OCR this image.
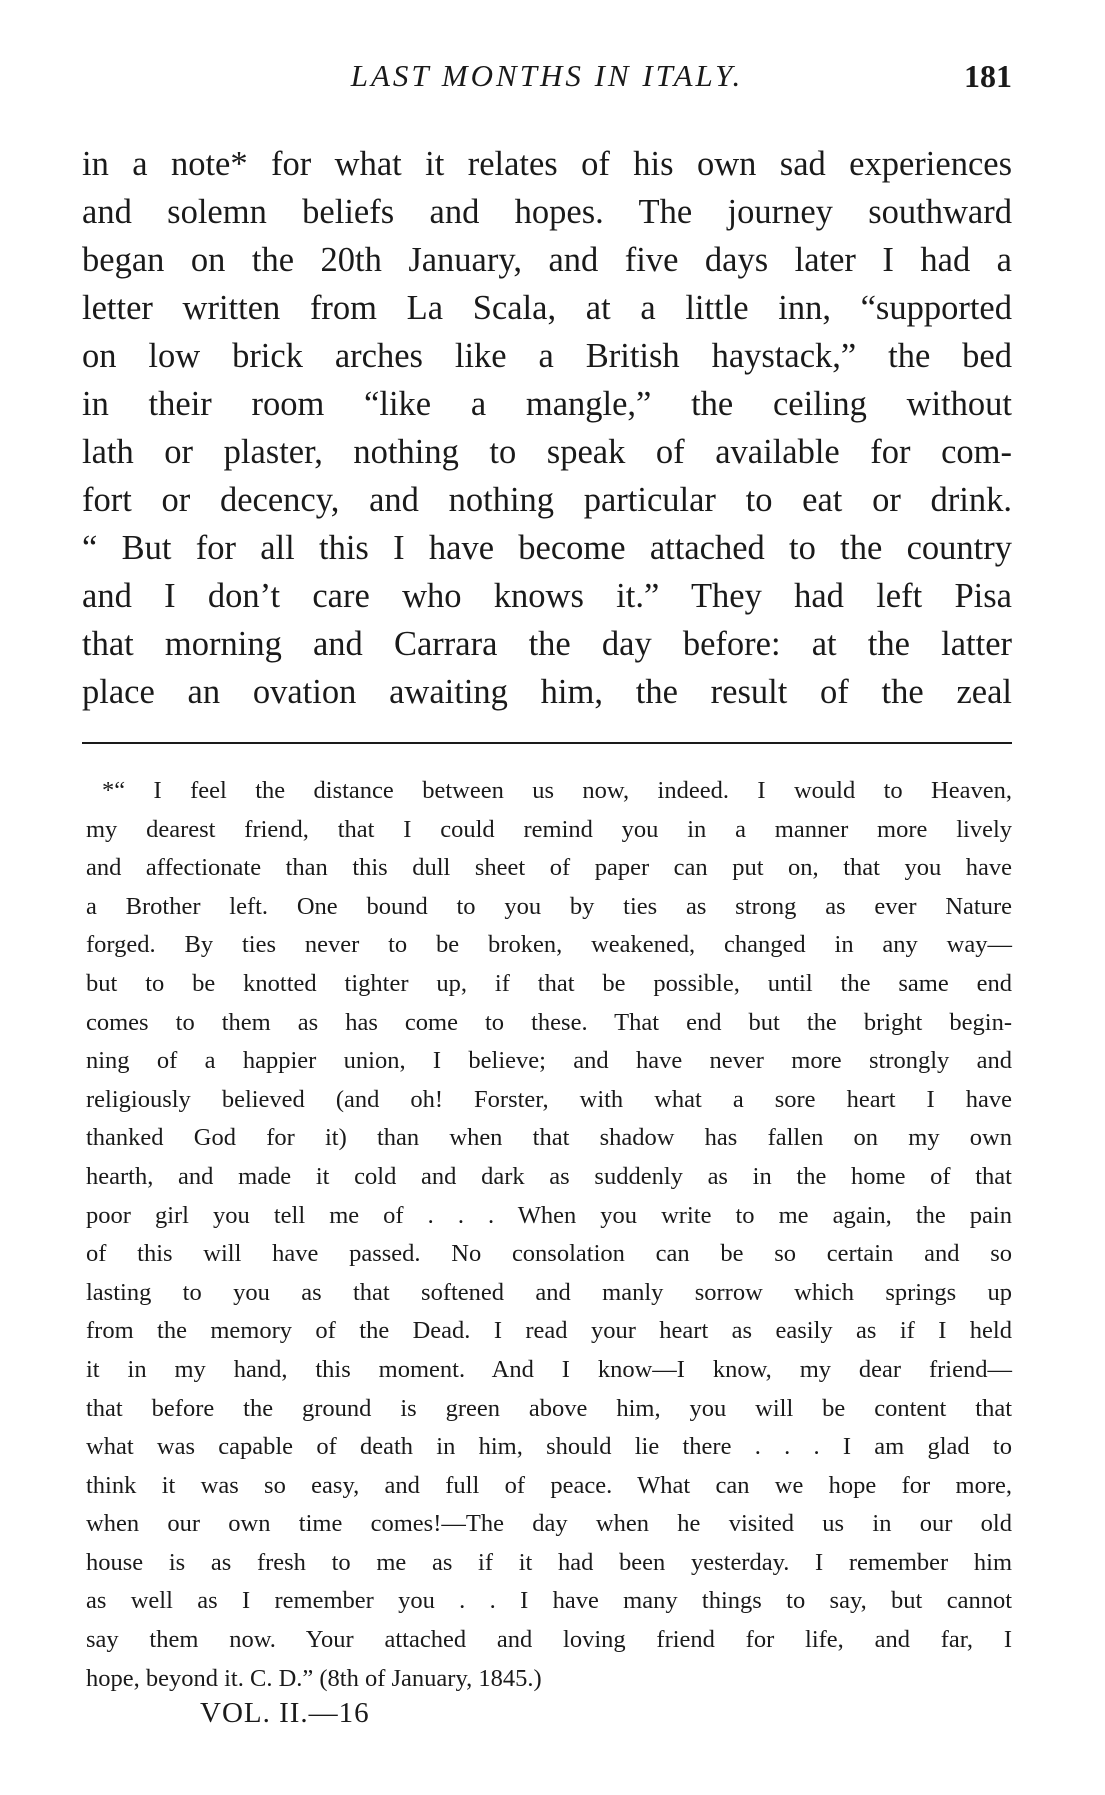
LAST MONTHS IN ITALY.	181
in a note* for what it relates of his own sad experiences
and solemn beliefs and hopes. The journey southward
began on the 20th January, and five days later I had a
letter written from La Scala, at a little inn, “supported
on low brick arches like a British haystack,” the bed
in their room “like a mangle,” the ceiling without
lath or plaster, nothing to speak of available for com-
fort or decency, and nothing particular to eat or drink.
“ But for all this I have become attached to the country
and I don’t care who knows it.” They had left Pisa
that morning and Carrara the day before: at the latter
place an ovation awaiting him, the result of the zeal
*“ I feel the distance between us now, indeed. I would to Heaven,
my dearest friend, that I could remind you in a manner more lively
and affectionate than this dull sheet of paper can put on, that you have
a Brother left. One bound to you by ties as strong as ever Nature
forged. By ties never to be broken, weakened, changed in any way—
but to be knotted tighter up, if that be possible, until the same end
comes to them as has come to these. That end but the bright begin-
ning of a happier union, I believe; and have never more strongly and
religiously believed (and oh! Forster, with what a sore heart I have
thanked God for it) than when that shadow has fallen on my own
hearth, and made it cold and dark as suddenly as in the home of that
poor girl you tell me of . . . When you write to me again, the pain
of this will have passed. No consolation can be so certain and so
lasting to you as that softened and manly sorrow which springs up
from the memory of the Dead. I read your heart as easily as if I held
it in my hand, this moment. And I know—I know, my dear friend—
that before the ground is green above him, you will be content that
what was capable of death in him, should lie there . . . I am glad to
think it was so easy, and full of peace. What can we hope for more,
when our own time comes!—The day when he visited us in our old
house is as fresh to me as if it had been yesterday. I remember him
as well as I remember you . . I have many things to say, but cannot
say them now. Your attached and loving friend for life, and far, I
hope, beyond it. C. D.” (8th of January, 1845.)
VOL. II.—16
